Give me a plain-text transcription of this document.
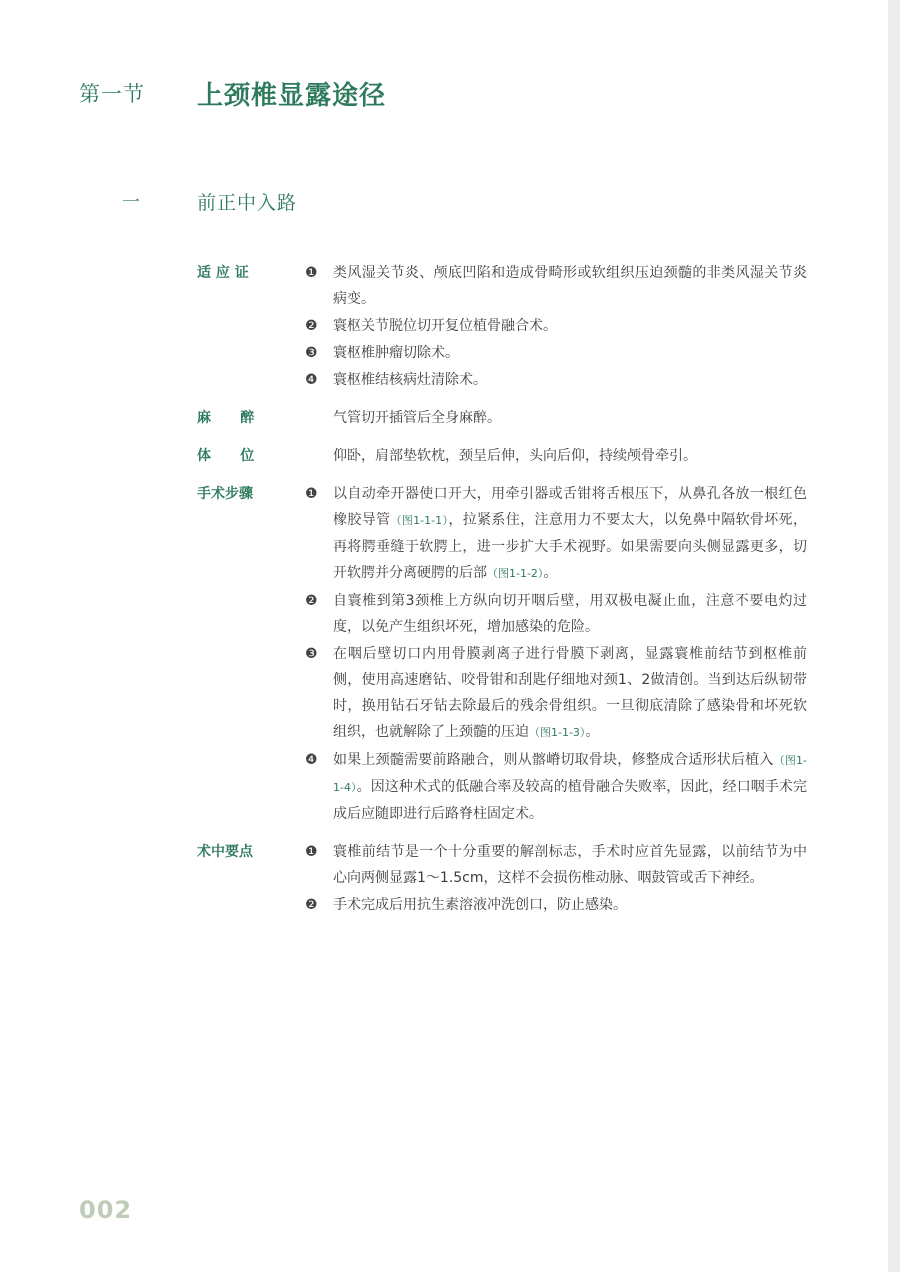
第一节 上颈椎显露途径
一	前正中入路
适 应 证	❶	类风湿关节炎、颅底凹陷和造成骨畸形或软组织压迫颈髓的非类风湿关节炎病变。
❷	寰枢关节脱位切开复位植骨融合术。
❸	寰枢椎肿瘤切除术。
❹	寰枢椎结核病灶清除术。
麻      醉	气管切开插管后全身麻醉。
体      位	仰卧，肩部垫软枕，颈呈后伸，头向后仰，持续颅骨牵引。
手术步骤	❶	以自动牵开器使口开大，用牵引器或舌钳将舌根压下，从鼻孔各放一根红色橡胶导管（图1-1-1），拉紧系住，注意用力不要太大，以免鼻中隔软骨坏死，再将腭垂缝于软腭上，进一步扩大手术视野。如果需要向头侧显露更多，切开软腭并分离硬腭的后部（图1-1-2）。
❷	自寰椎到第3颈椎上方纵向切开咽后壁，用双极电凝止血，注意不要电灼过度，以免产生组织坏死，增加感染的危险。
❸	在咽后壁切口内用骨膜剥离子进行骨膜下剥离，显露寰椎前结节到枢椎前侧，使用高速磨钻、咬骨钳和刮匙仔细地对颈1、2做清创。当到达后纵韧带时，换用钻石牙钻去除最后的残余骨组织。一旦彻底清除了感染骨和坏死软组织，也就解除了上颈髓的压迫（图1-1-3）。
❹	如果上颈髓需要前路融合，则从髂嵴切取骨块，修整成合适形状后植入（图1-1-4）。因这种术式的低融合率及较高的植骨融合失败率，因此，经口咽手术完成后应随即进行后路脊柱固定术。
术中要点	❶	寰椎前结节是一个十分重要的解剖标志，手术时应首先显露，以前结节为中心向两侧显露1～1.5cm，这样不会损伤椎动脉、咽鼓管或舌下神经。
❷	手术完成后用抗生素溶液冲洗创口，防止感染。
002
